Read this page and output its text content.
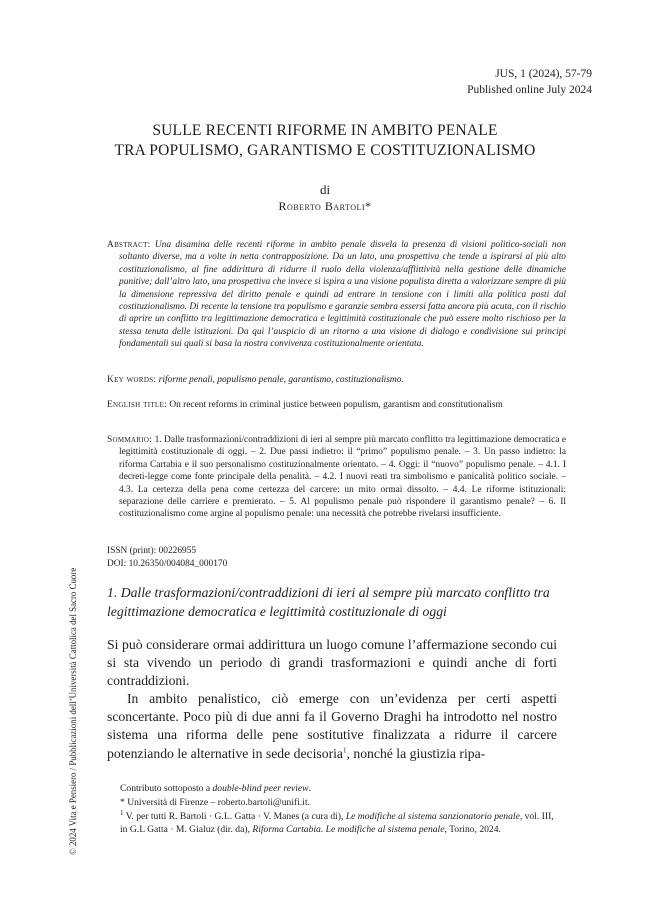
JUS, 1 (2024), 57-79
Published online July 2024
SULLE RECENTI RIFORME IN AMBITO PENALE
TRA POPULISMO, GARANTISMO E COSTITUZIONALISMO
di
Roberto Bartoli*
Abstract: Una disamina delle recenti riforme in ambito penale disvela la presenza di visioni politico-sociali non soltanto diverse, ma a volte in netta contrapposizione. Da un lato, una prospettiva che tende a ispirarsi al più alto costituzionalismo, al fine addirittura di ridurre il ruolo della violenza/afflittività nella gestione delle dinamiche punitive; dall’altro lato, una prospettiva che invece si ispira a una visione populista diretta a valorizzare sempre di più la dimensione repressiva del diritto penale e quindi ad entrare in tensione con i limiti alla politica posti dal costituzionalismo. Di recente la tensione tra populismo e garanzie sembra essersi fatta ancora più acuta, con il rischio di aprire un conflitto tra legittimazione democratica e legittimità costituzionale che può essere molto rischioso per la stessa tenuta delle istituzioni. Da qui l’auspicio di un ritorno a una visione di dialogo e condivisione sui principi fondamentali sui quali si basa la nostra convivenza costituzionalmente orientata.
Key words: riforme penali, populismo penale, garantismo, costituzionalismo.
English title: On recent reforms in criminal justice between populism, garantism and constitutionalism
Sommario: 1. Dalle trasformazioni/contraddizioni di ieri al sempre più marcato conflitto tra legittimazione democratica e legittimità costituzionale di oggi. – 2. Due passi indietro: il “primo” populismo penale. – 3. Un passo indietro: la riforma Cartabia e il suo personalismo costituzionalmente orientato. – 4. Oggi: il “nuovo” populismo penale. – 4.1. I decreti-legge come fonte principale della penalità. – 4.2. I nuovi reati tra simbolismo e panicalità politico sociale. – 4.3. La certezza della pena come certezza del carcere: un mito ormai dissolto. – 4.4. Le riforme istituzionali: separazione delle carriere e premierato. – 5. Al populismo penale può rispondere il garantismo penale? – 6. Il costituzionalismo come argine al populismo penale: una necessità che potrebbe rivelarsi insufficiente.
ISSN (print): 00226955
DOI: 10.26350/004084_000170
1. Dalle trasformazioni/contraddizioni di ieri al sempre più marcato conflitto tra legittimazione democratica e legittimità costituzionale di oggi

Si può considerare ormai addirittura un luogo comune l’affermazione secondo cui si sta vivendo un periodo di grandi trasformazioni e quindi anche di forti contraddizioni.

In ambito penalistico, ciò emerge con un’evidenza per certi aspetti sconcertante. Poco più di due anni fa il Governo Draghi ha introdotto nel nostro sistema una riforma delle pene sostitutive finalizzata a ridurre il carcere potenziando le alternative in sede decisoria$^1$, nonché la giustizia ripa-

Contributo sottoposto a double-blind peer review.
* Università di Firenze – roberto.bartoli@unifi.it.
$^1$ V. per tutti R. Bartoli · G.L. Gatta · V. Manes (a cura di), Le modifiche al sistema sanzionatorio penale, vol. III, in G.L Gatta · M. Gialuz (dir. da), Riforma Cartabia. Le modifiche al sistema penale, Torino, 2024.
© 2024 Vita e Pensiero / Pubblicazioni dell’Università Cattolica del Sacro Cuore
